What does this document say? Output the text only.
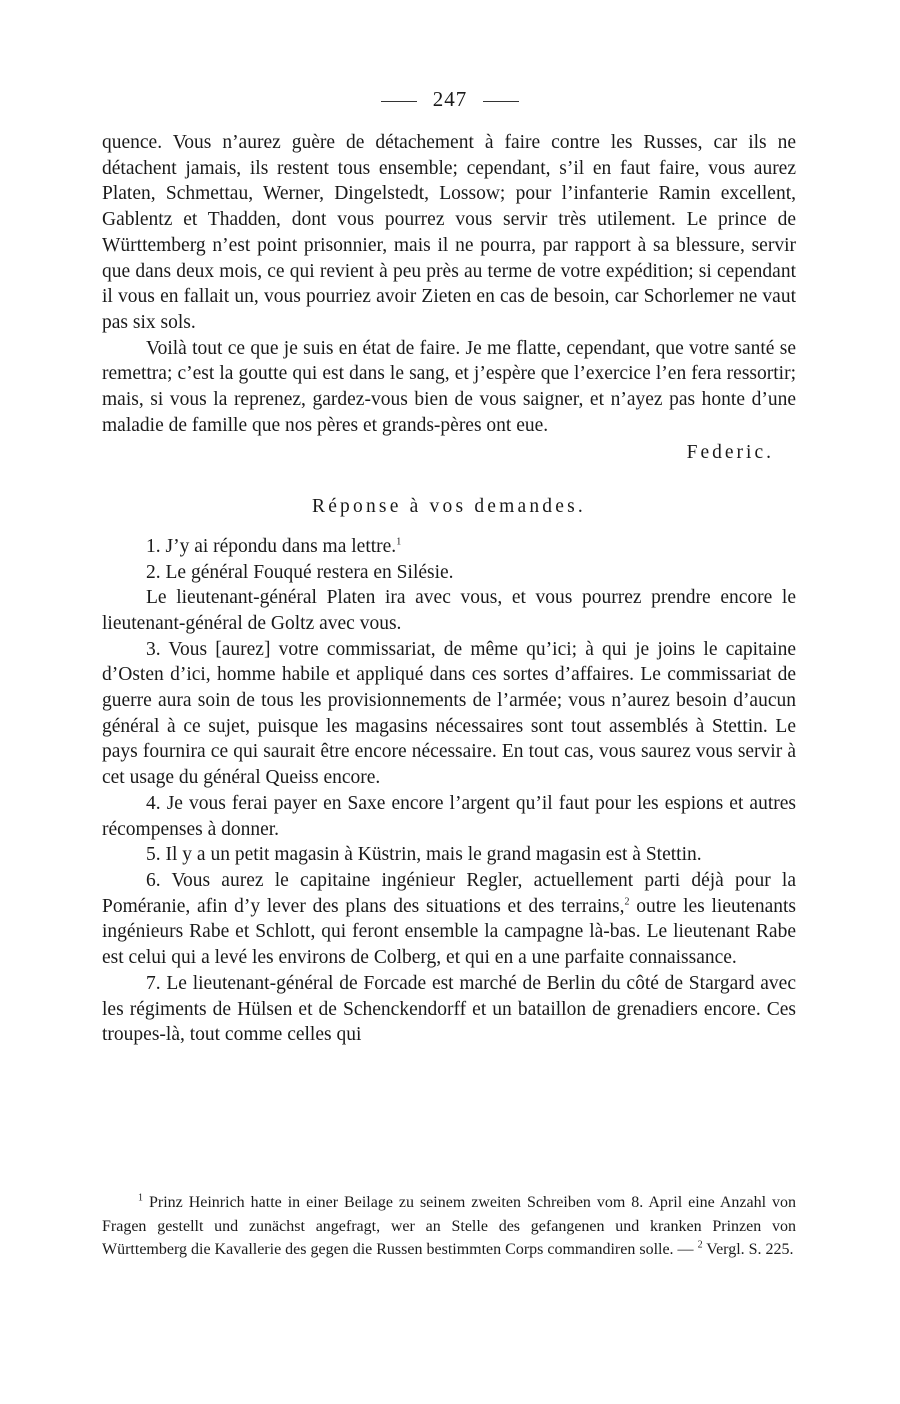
247

quence. Vous n’aurez guère de détachement à faire contre les Russes, car ils ne détachent jamais, ils restent tous ensemble; cependant, s’il en faut faire, vous aurez Platen, Schmettau, Werner, Dingelstedt, Lossow; pour l’infanterie Ramin excellent, Gablentz et Thadden, dont vous pourrez vous servir très utilement. Le prince de Württemberg n’est point prisonnier, mais il ne pourra, par rapport à sa blessure, servir que dans deux mois, ce qui revient à peu près au terme de votre expédition; si cependant il vous en fallait un, vous pourriez avoir Zieten en cas de besoin, car Schorlemer ne vaut pas six sols.

Voilà tout ce que je suis en état de faire. Je me flatte, cependant, que votre santé se remettra; c’est la goutte qui est dans le sang, et j’espère que l’exercice l’en fera ressortir; mais, si vous la reprenez, gardez-vous bien de vous saigner, et n’ayez pas honte d’une maladie de famille que nos pères et grands-pères ont eue.

Federic.
Réponse à vos demandes.

1. J’y ai répondu dans ma lettre.$^1$

2. Le général Fouqué restera en Silésie.

Le lieutenant-général Platen ira avec vous, et vous pourrez prendre encore le lieutenant-général de Goltz avec vous.

3. Vous [aurez] votre commissariat, de même qu’ici; à qui je joins le capitaine d’Osten d’ici, homme habile et appliqué dans ces sortes d’affaires. Le commissariat de guerre aura soin de tous les provisionnements de l’armée; vous n’aurez besoin d’aucun général à ce sujet, puisque les magasins nécessaires sont tout assemblés à Stettin. Le pays fournira ce qui saurait être encore nécessaire. En tout cas, vous saurez vous servir à cet usage du général Queiss encore.

4. Je vous ferai payer en Saxe encore l’argent qu’il faut pour les espions et autres récompenses à donner.

5. Il y a un petit magasin à Küstrin, mais le grand magasin est à Stettin.

6. Vous aurez le capitaine ingénieur Regler, actuellement parti déjà pour la Poméranie, afin d’y lever des plans des situations et des terrains,$^2$ outre les lieutenants ingénieurs Rabe et Schlott, qui feront ensemble la campagne là-bas. Le lieutenant Rabe est celui qui a levé les environs de Colberg, et qui en a une parfaite connaissance.

7. Le lieutenant-général de Forcade est marché de Berlin du côté de Stargard avec les régiments de Hülsen et de Schenckendorff et un bataillon de grenadiers encore. Ces troupes-là, tout comme celles qui

$^1$ Prinz Heinrich hatte in einer Beilage zu seinem zweiten Schreiben vom 8. April eine Anzahl von Fragen gestellt und zunächst angefragt, wer an Stelle des gefangenen und kranken Prinzen von Württemberg die Kavallerie des gegen die Russen bestimmten Corps commandiren solle. — $^2$ Vergl. S. 225.
